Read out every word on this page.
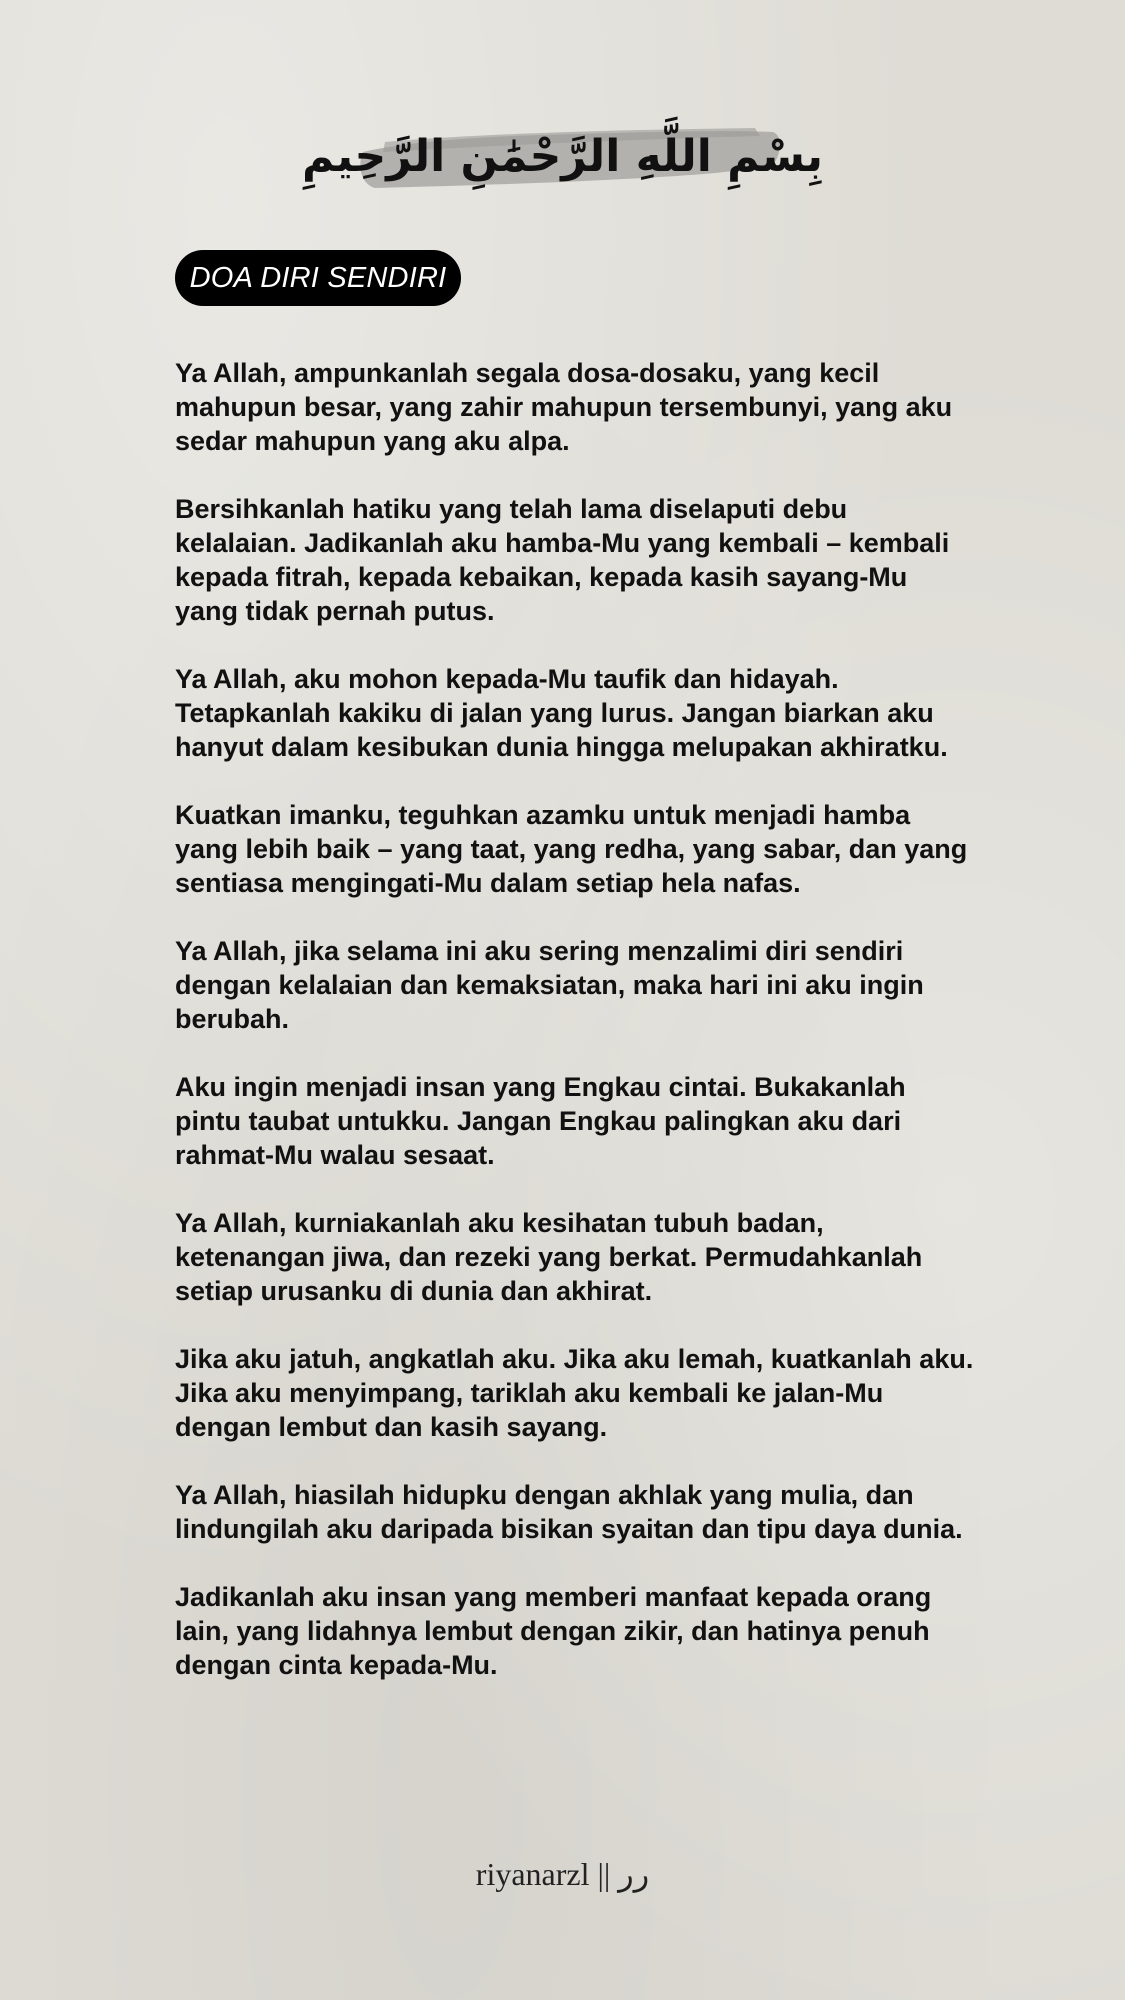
بِسْمِ اللَّهِ الرَّحْمَٰنِ الرَّحِيمِ
DOA DIRI SENDIRI

Ya Allah, ampunkanlah segala dosa-dosaku, yang kecil mahupun besar, yang zahir mahupun tersembunyi, yang aku sedar mahupun yang aku alpa.

Bersihkanlah hatiku yang telah lama diselaputi debu kelalaian. Jadikanlah aku hamba-Mu yang kembali – kembali kepada fitrah, kepada kebaikan, kepada kasih sayang-Mu yang tidak pernah putus.

Ya Allah, aku mohon kepada-Mu taufik dan hidayah. Tetapkanlah kakiku di jalan yang lurus. Jangan biarkan aku hanyut dalam kesibukan dunia hingga melupakan akhiratku.

Kuatkan imanku, teguhkan azamku untuk menjadi hamba yang lebih baik – yang taat, yang redha, yang sabar, dan yang sentiasa mengingati-Mu dalam setiap hela nafas.

Ya Allah, jika selama ini aku sering menzalimi diri sendiri dengan kelalaian dan kemaksiatan, maka hari ini aku ingin berubah.

Aku ingin menjadi insan yang Engkau cintai. Bukakanlah pintu taubat untukku. Jangan Engkau palingkan aku dari rahmat-Mu walau sesaat.

Ya Allah, kurniakanlah aku kesihatan tubuh badan, ketenangan jiwa, dan rezeki yang berkat. Permudahkanlah setiap urusanku di dunia dan akhirat.

Jika aku jatuh, angkatlah aku. Jika aku lemah, kuatkanlah aku. Jika aku menyimpang, tariklah aku kembali ke jalan-Mu dengan lembut dan kasih sayang.

Ya Allah, hiasilah hidupku dengan akhlak yang mulia, dan lindungilah aku daripada bisikan syaitan dan tipu daya dunia.

Jadikanlah aku insan yang memberi manfaat kepada orang lain, yang lidahnya lembut dengan zikir, dan hatinya penuh dengan cinta kepada-Mu.

riyanarzl || رر
